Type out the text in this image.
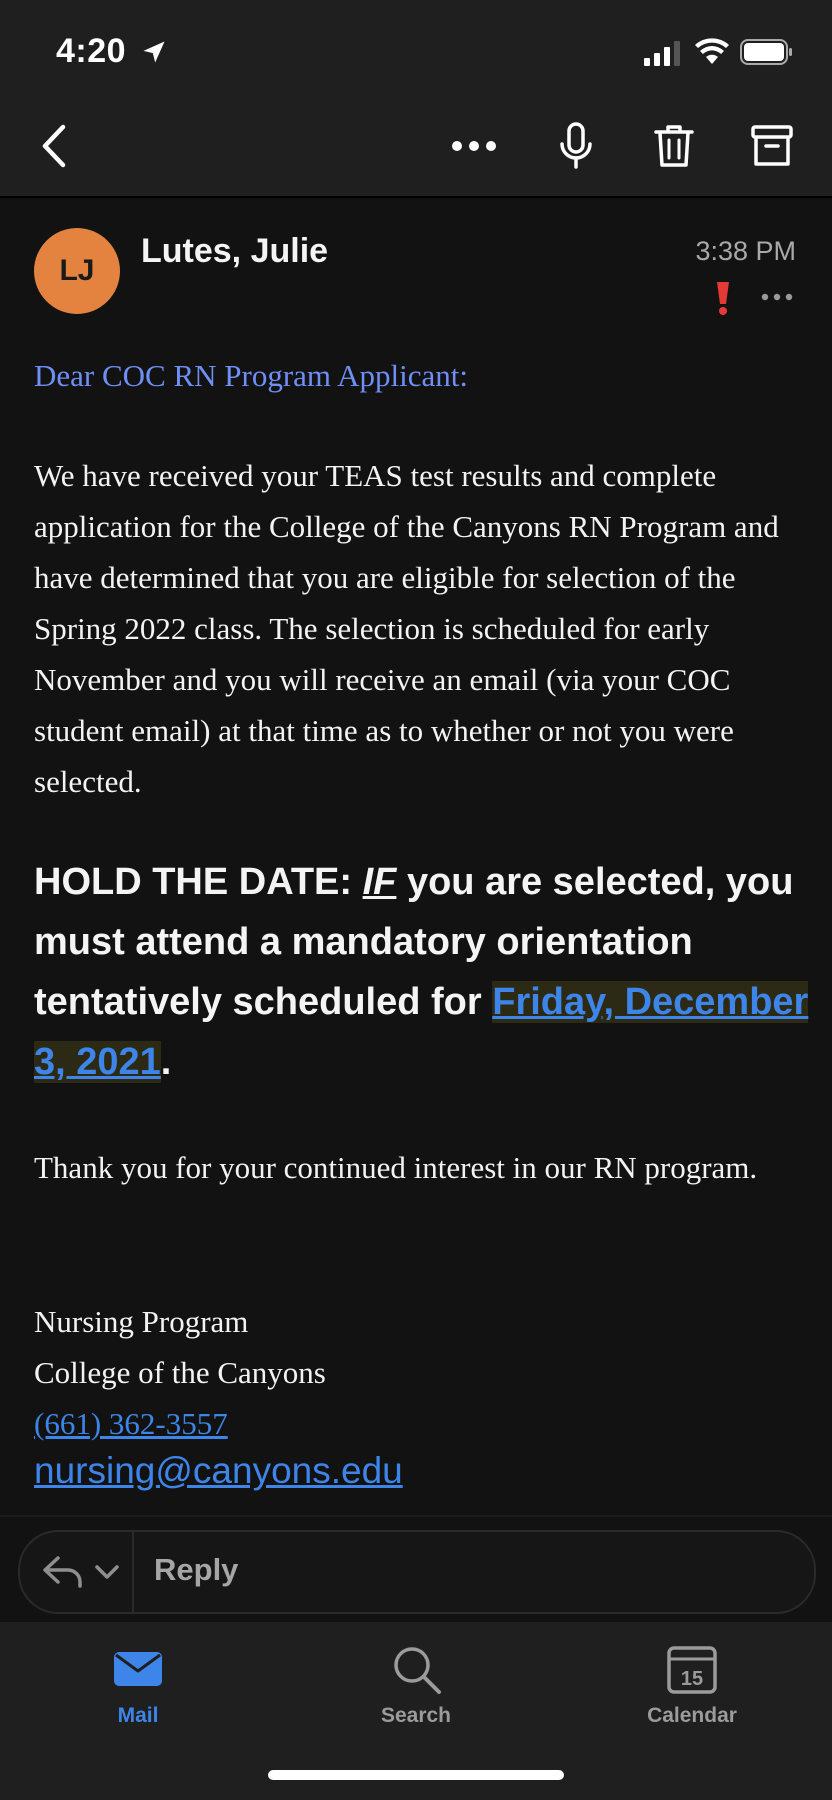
4:20
LJ
Lutes, Julie	3:38 PM
Dear COC RN Program Applicant:
We have received your TEAS test results and complete application for the College of the Canyons RN Program and have determined that you are eligible for selection of the Spring 2022 class. The selection is scheduled for early November and you will receive an email (via your COC student email) at that time as to whether or not you were selected.
HOLD THE DATE: IF you are selected, you must attend a mandatory orientation tentatively scheduled for Friday, December 3, 2021.
Thank you for your continued interest in our RN program.
Nursing Program
College of the Canyons
(661) 362-3557
nursing@canyons.edu
Reply
Mail	Search
15
Calendar
